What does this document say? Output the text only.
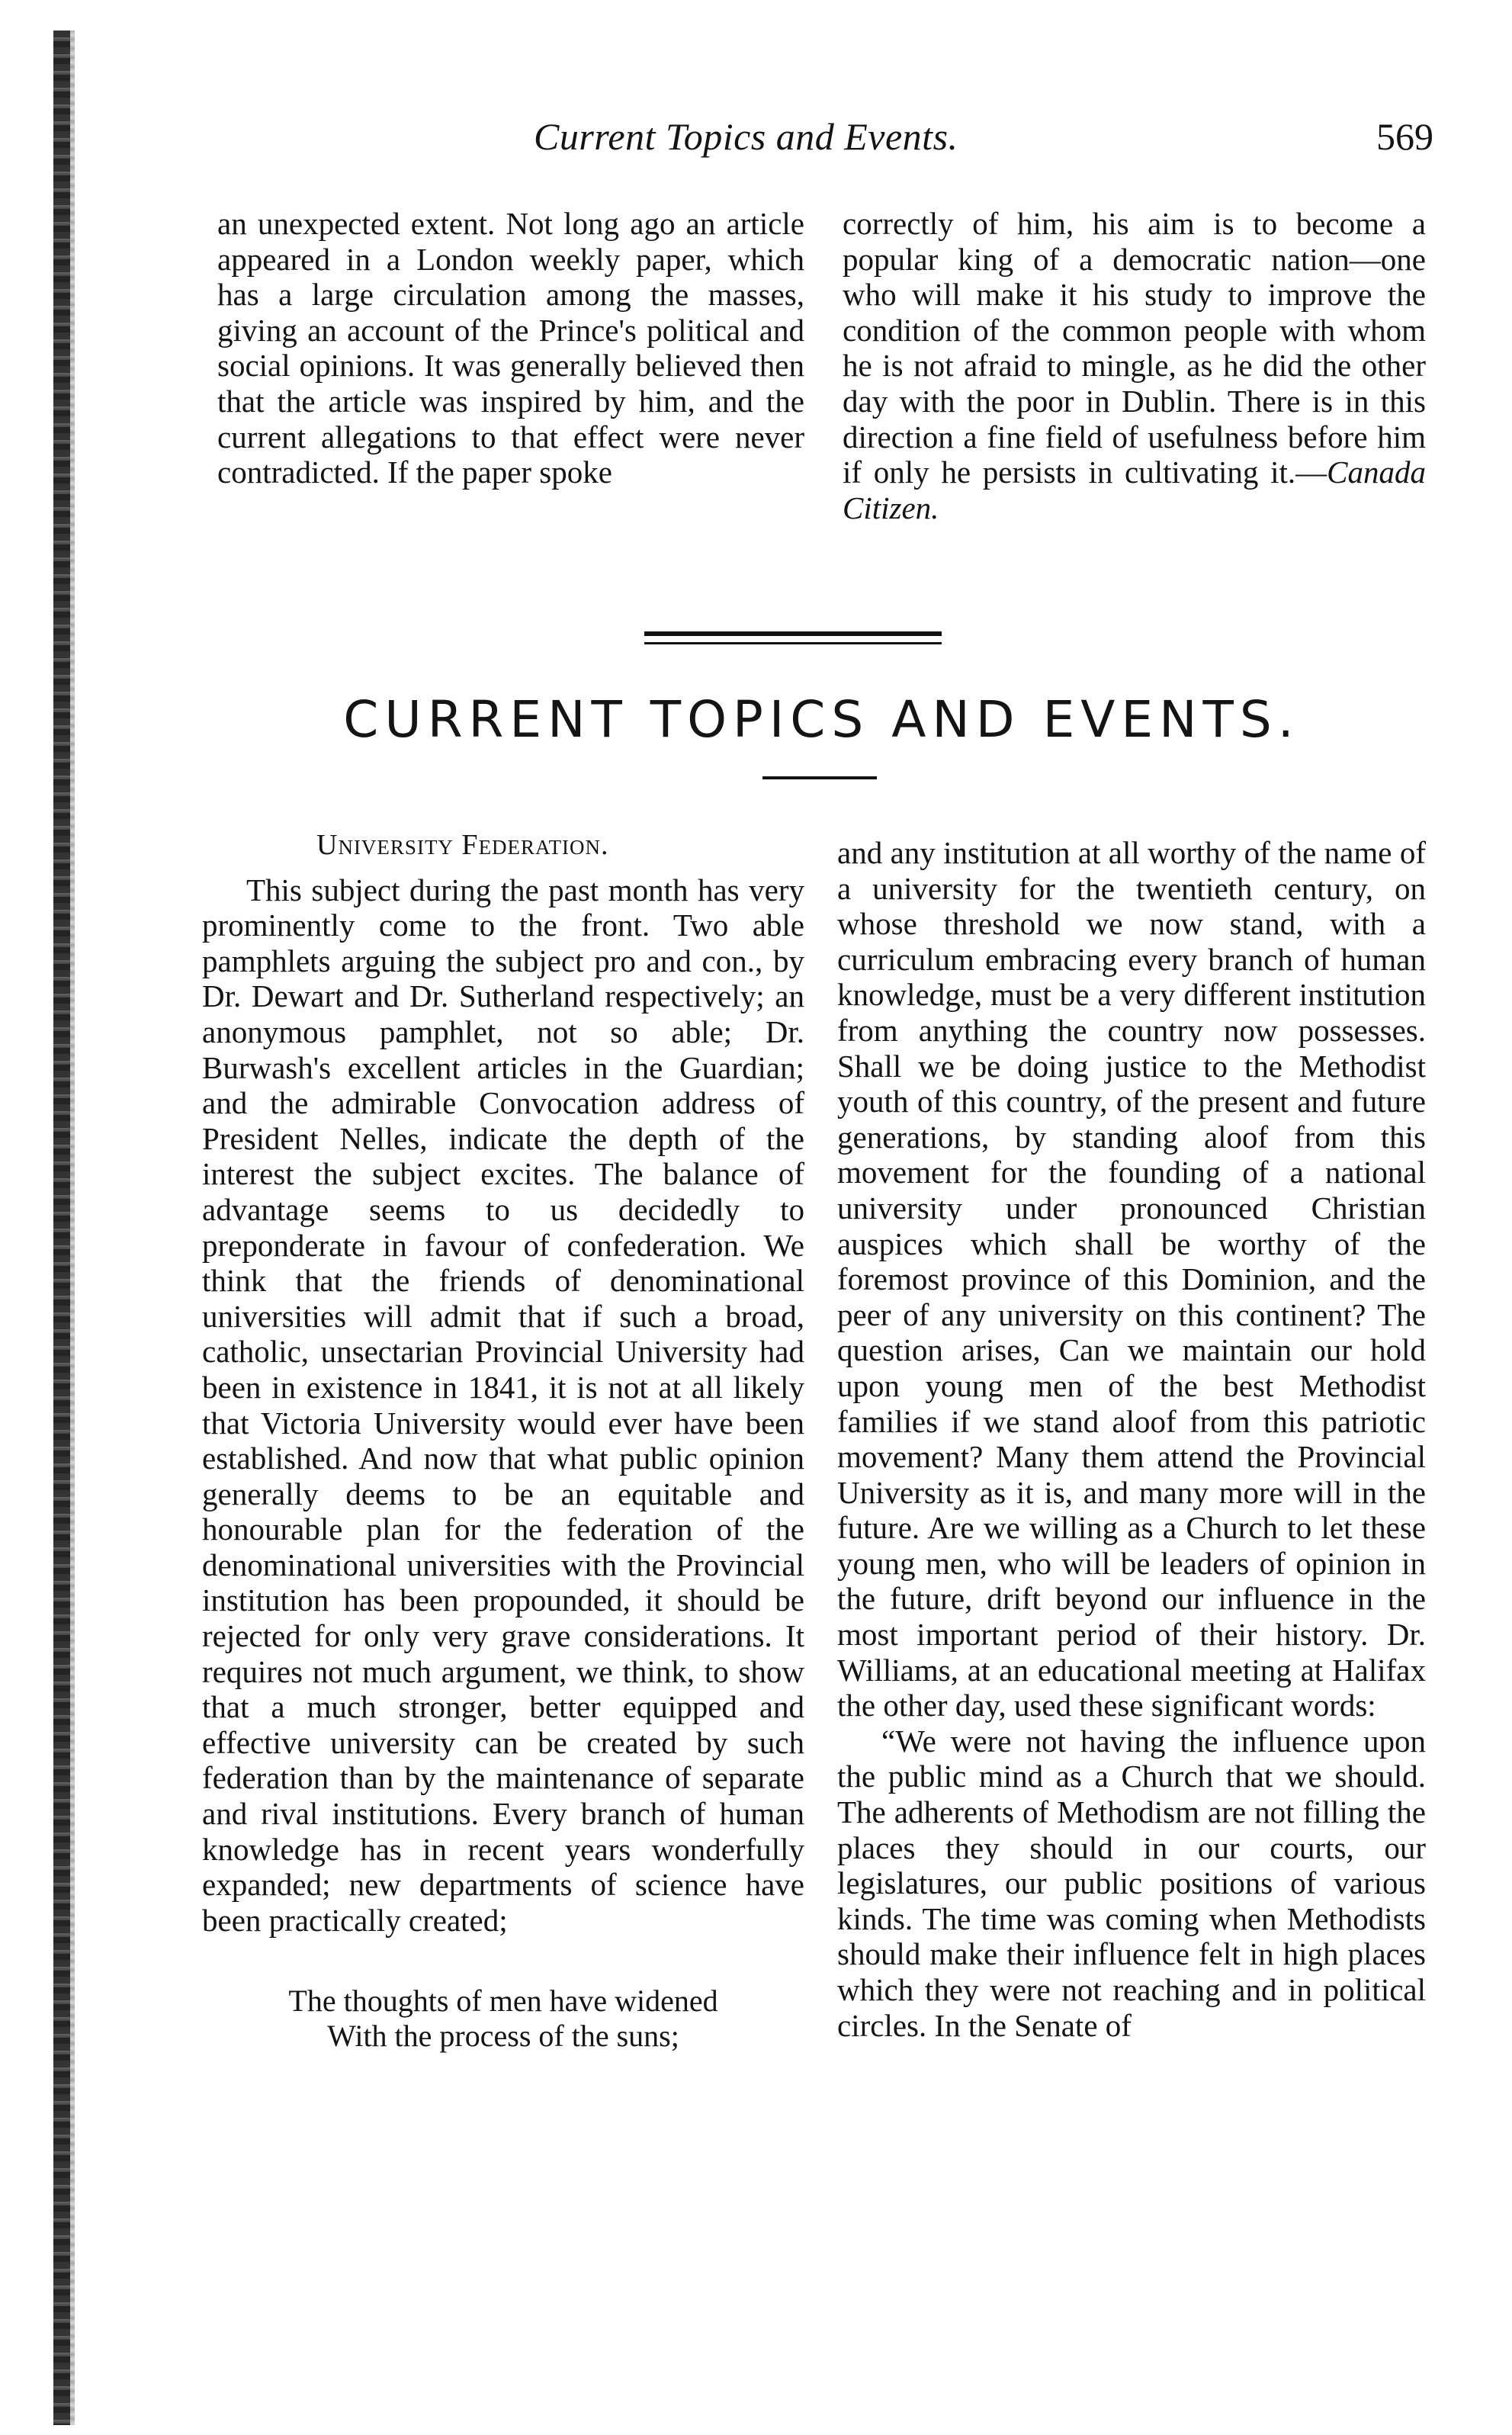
Current Topics and Events.	569

an unexpected extent. Not long ago an article appeared in a London weekly paper, which has a large circulation among the masses, giving an account of the Prince's political and social opinions. It was generally believed then that the article was inspired by him, and the current allegations to that effect were never contradicted. If the paper spoke

correctly of him, his aim is to become a popular king of a democratic nation—one who will make it his study to improve the condition of the common people with whom he is not afraid to mingle, as he did the other day with the poor in Dublin. There is in this direction a fine field of usefulness before him if only he persists in cultivating it.—Canada Citizen.

CURRENT TOPICS AND EVENTS.
University Federation.

This subject during the past month has very prominently come to the front. Two able pamphlets arguing the subject pro and con., by Dr. Dewart and Dr. Sutherland respectively; an anonymous pamphlet, not so able; Dr. Burwash's excellent articles in the Guardian; and the admirable Convocation address of President Nelles, indicate the depth of the interest the subject excites. The balance of advantage seems to us decidedly to preponderate in favour of confederation. We think that the friends of denominational universities will admit that if such a broad, catholic, unsectarian Provincial University had been in existence in 1841, it is not at all likely that Victoria University would ever have been established. And now that what public opinion generally deems to be an equitable and honourable plan for the federation of the denominational universities with the Provincial institution has been propounded, it should be rejected for only very grave considerations. It requires not much argument, we think, to show that a much stronger, better equipped and effective university can be created by such federation than by the maintenance of separate and rival institutions. Every branch of human knowledge has in recent years wonderfully expanded; new departments of science have been practically created;

The thoughts of men have widened
With the process of the suns;

and any institution at all worthy of the name of a university for the twentieth century, on whose threshold we now stand, with a curriculum embracing every branch of human knowledge, must be a very different institution from anything the country now possesses. Shall we be doing justice to the Methodist youth of this country, of the present and future generations, by standing aloof from this movement for the founding of a national university under pronounced Christian auspices which shall be worthy of the foremost province of this Dominion, and the peer of any university on this continent? The question arises, Can we maintain our hold upon young men of the best Methodist families if we stand aloof from this patriotic movement? Many them attend the Provincial University as it is, and many more will in the future. Are we willing as a Church to let these young men, who will be leaders of opinion in the future, drift beyond our influence in the most important period of their history. Dr. Williams, at an educational meeting at Halifax the other day, used these significant words:

“We were not having the influence upon the public mind as a Church that we should. The adherents of Methodism are not filling the places they should in our courts, our legislatures, our public positions of various kinds. The time was coming when Methodists should make their influence felt in high places which they were not reaching and in political circles. In the Senate of
